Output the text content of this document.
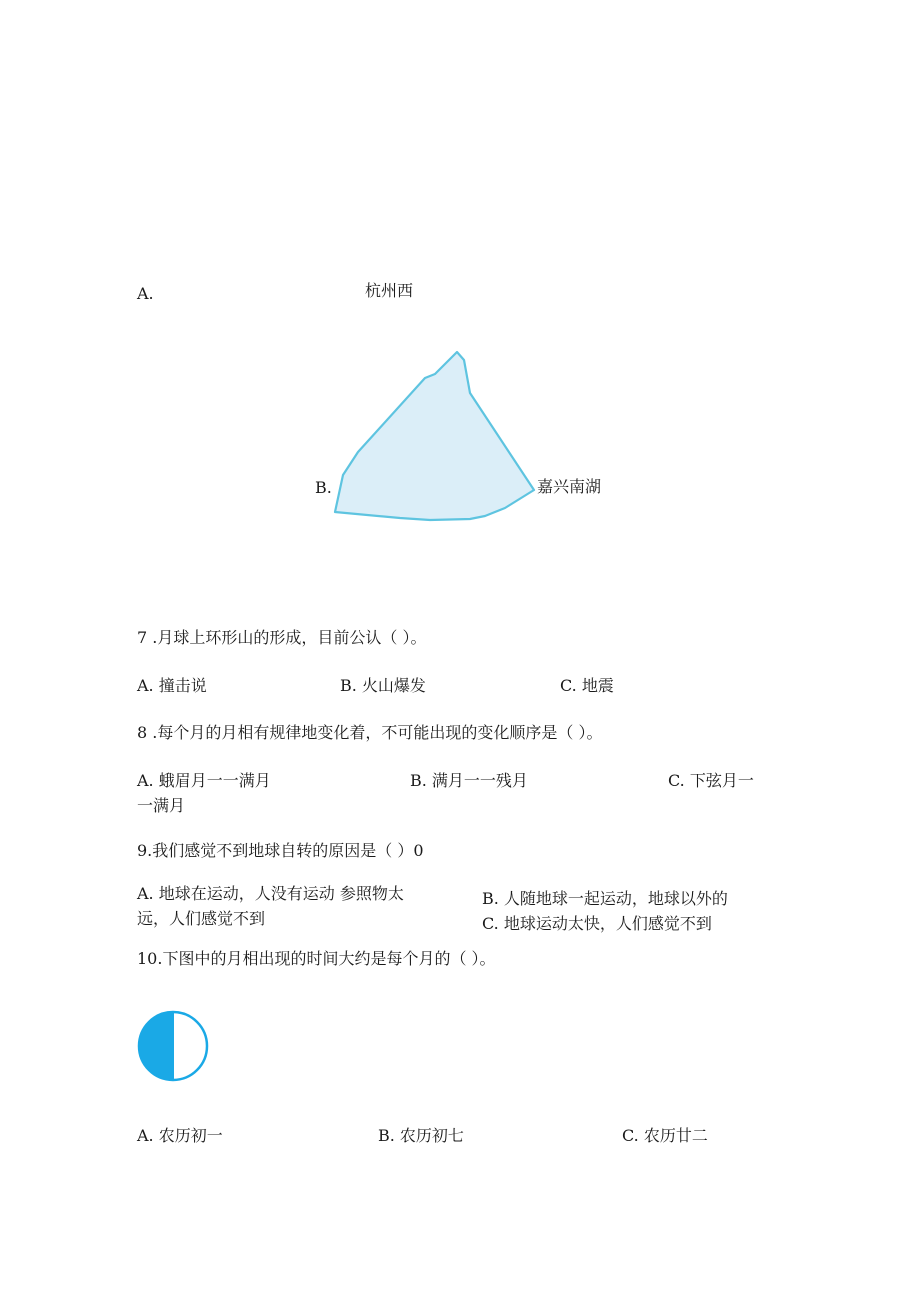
A.	杭州西
B.	嘉兴南湖
7 .月球上环形山的形成，目前公认（ ）。
A. 撞击说	B. 火山爆发	C. 地震
8 .每个月的月相有规律地变化着，不可能出现的变化顺序是（ ）。
A. 蛾眉月一一满月	B. 满月一一残月	C. 下弦月一
一满月
9.我们感觉不到地球自转的原因是（ ）0
A. 地球在运动，人没有运动 参照物太
远，人们感觉不到
B. 人随地球一起运动，地球以外的
C. 地球运动太快，人们感觉不到
10.下图中的月相出现的时间大约是每个月的（ ）。
A. 农历初一	B. 农历初七	C. 农历廿二
